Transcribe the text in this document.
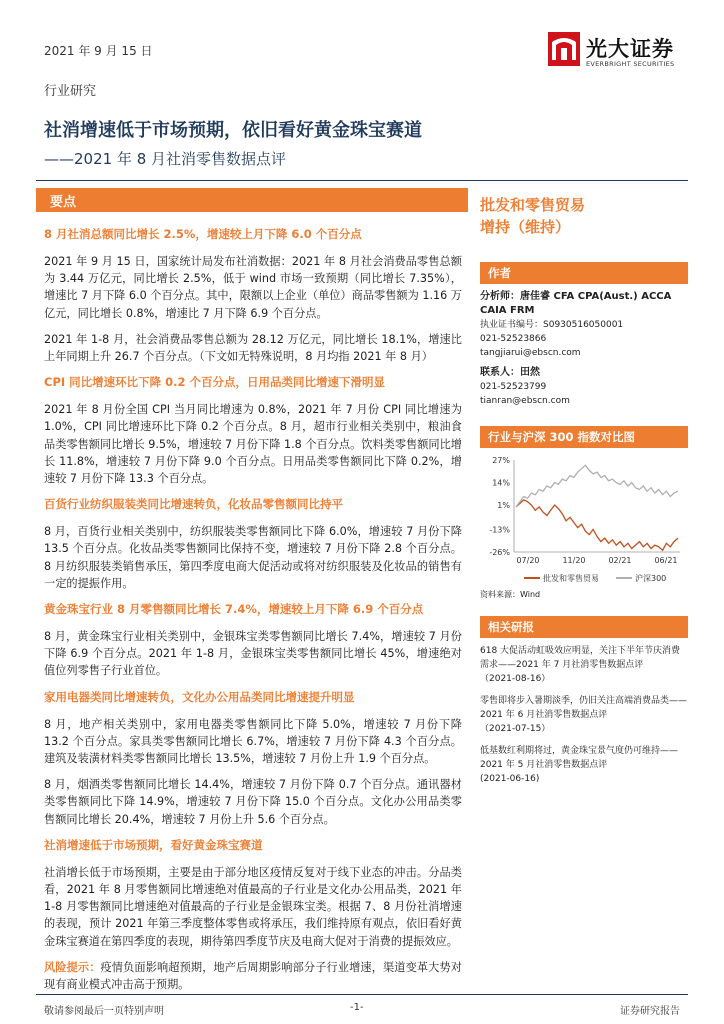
2021 年 9 月 15 日	光大证券
EVERBRIGHT SECURITIES
行业研究
社消增速低于市场预期，依旧看好黄金珠宝赛道
——2021 年 8 月社消零售数据点评
要点
8 月社消总额同比增长 2.5%，增速较上月下降 6.0 个百分点
2021 年 9 月 15 日，国家统计局发布社消数据：2021 年 8 月社会消费品零售总额为 3.44 万亿元，同比增长 2.5%，低于 wind 市场一致预期（同比增长 7.35%），增速比 7 月下降 6.0 个百分点。其中，限额以上企业（单位）商品零售额为 1.16 万亿元，同比增长 0.8%，增速比 7 月下降 6.9 个百分点。
2021 年 1-8 月，社会消费品零售总额为 28.12 万亿元，同比增长 18.1%，增速比上年同期上升 26.7 个百分点。（下文如无特殊说明，8 月均指 2021 年 8 月）
CPI 同比增速环比下降 0.2 个百分点，日用品类同比增速下滑明显
2021 年 8 月份全国 CPI 当月同比增速为 0.8%，2021 年 7 月份 CPI 同比增速为 1.0%，CPI 同比增速环比下降 0.2 个百分点。8 月，超市行业相关类别中，粮油食品类零售额同比增长 9.5%，增速较 7 月份下降 1.8 个百分点。饮料类零售额同比增长 11.8%，增速较 7 月份下降 9.0 个百分点。日用品类零售额同比下降 0.2%，增速较 7 月份下降 13.3 个百分点。
百货行业纺织服装类同比增速转负，化妆品零售额同比持平
8 月，百货行业相关类别中，纺织服装类零售额同比下降 6.0%，增速较 7 月份下降 13.5 个百分点。化妆品类零售额同比保持不变，增速较 7 月份下降 2.8 个百分点。8 月纺织服装类销售承压，第四季度电商大促活动或将对纺织服装及化妆品的销售有一定的提振作用。
黄金珠宝行业 8 月零售额同比增长 7.4%，增速较上月下降 6.9 个百分点
8 月，黄金珠宝行业相关类别中，金银珠宝类零售额同比增长 7.4%，增速较 7 月份下降 6.9 个百分点。2021 年 1-8 月，金银珠宝类零售额同比增长 45%，增速绝对值位列零售子行业首位。
家用电器类同比增速转负，文化办公用品类同比增速提升明显
8 月，地产相关类别中，家用电器类零售额同比下降 5.0%，增速较 7 月份下降 13.2 个百分点。家具类零售额同比增长 6.7%，增速较 7 月份下降 4.3 个百分点。建筑及装潢材料类零售额同比增长 13.5%，增速较 7 月份上升 1.9 个百分点。
8 月，烟酒类零售额同比增长 14.4%，增速较 7 月份下降 0.7 个百分点。通讯器材类零售额同比下降 14.9%，增速较 7 月份下降 15.0 个百分点。文化办公用品类零售额同比增长 20.4%，增速较 7 月份上升 5.6 个百分点。
社消增速低于市场预期，看好黄金珠宝赛道
社消增长低于市场预期，主要是由于部分地区疫情反复对于线下业态的冲击。分品类看，2021 年 8 月零售额同比增速绝对值最高的子行业是文化办公用品类，2021 年 1-8 月零售额同比增速绝对值最高的子行业是金银珠宝类。根据 7、8 月份社消增速的表现，预计 2021 年第三季度整体零售或将承压，我们维持原有观点，依旧看好黄金珠宝赛道在第四季度的表现，期待第四季度节庆及电商大促对于消费的提振效应。
风险提示：疫情负面影响超预期，地产后周期影响部分子行业增速，渠道变革大势对现有商业模式冲击高于预期。
批发和零售贸易
增持（维持）
作者
分析师：唐佳睿 CFA CPA(Aust.) ACCA CAIA FRM
执业证书编号：S0930516050001
021-52523866
tangjiarui@ebscn.com
联系人：田然
021-52523799
tianran@ebscn.com
行业与沪深 300 指数对比图
27%
14%
1%
-13%
-26%
07/20	11/20	02/21	06/21
批发和零售贸易	沪深300
资料来源：Wind
相关研报
618 大促活动虹吸效应明显，关注下半年节庆消费需求——2021 年 7 月社消零售数据点评
（2021-08-16）
零售即将步入暑期淡季，仍旧关注高端消费品类——2021 年 6 月社消零售数据点评
（2021-07-15）
低基数红利期将过，黄金珠宝景气度仍可维持——2021 年 5 月社消零售数据点评
(2021-06-16)
敬请参阅最后一页特别声明	-1-	证券研究报告
